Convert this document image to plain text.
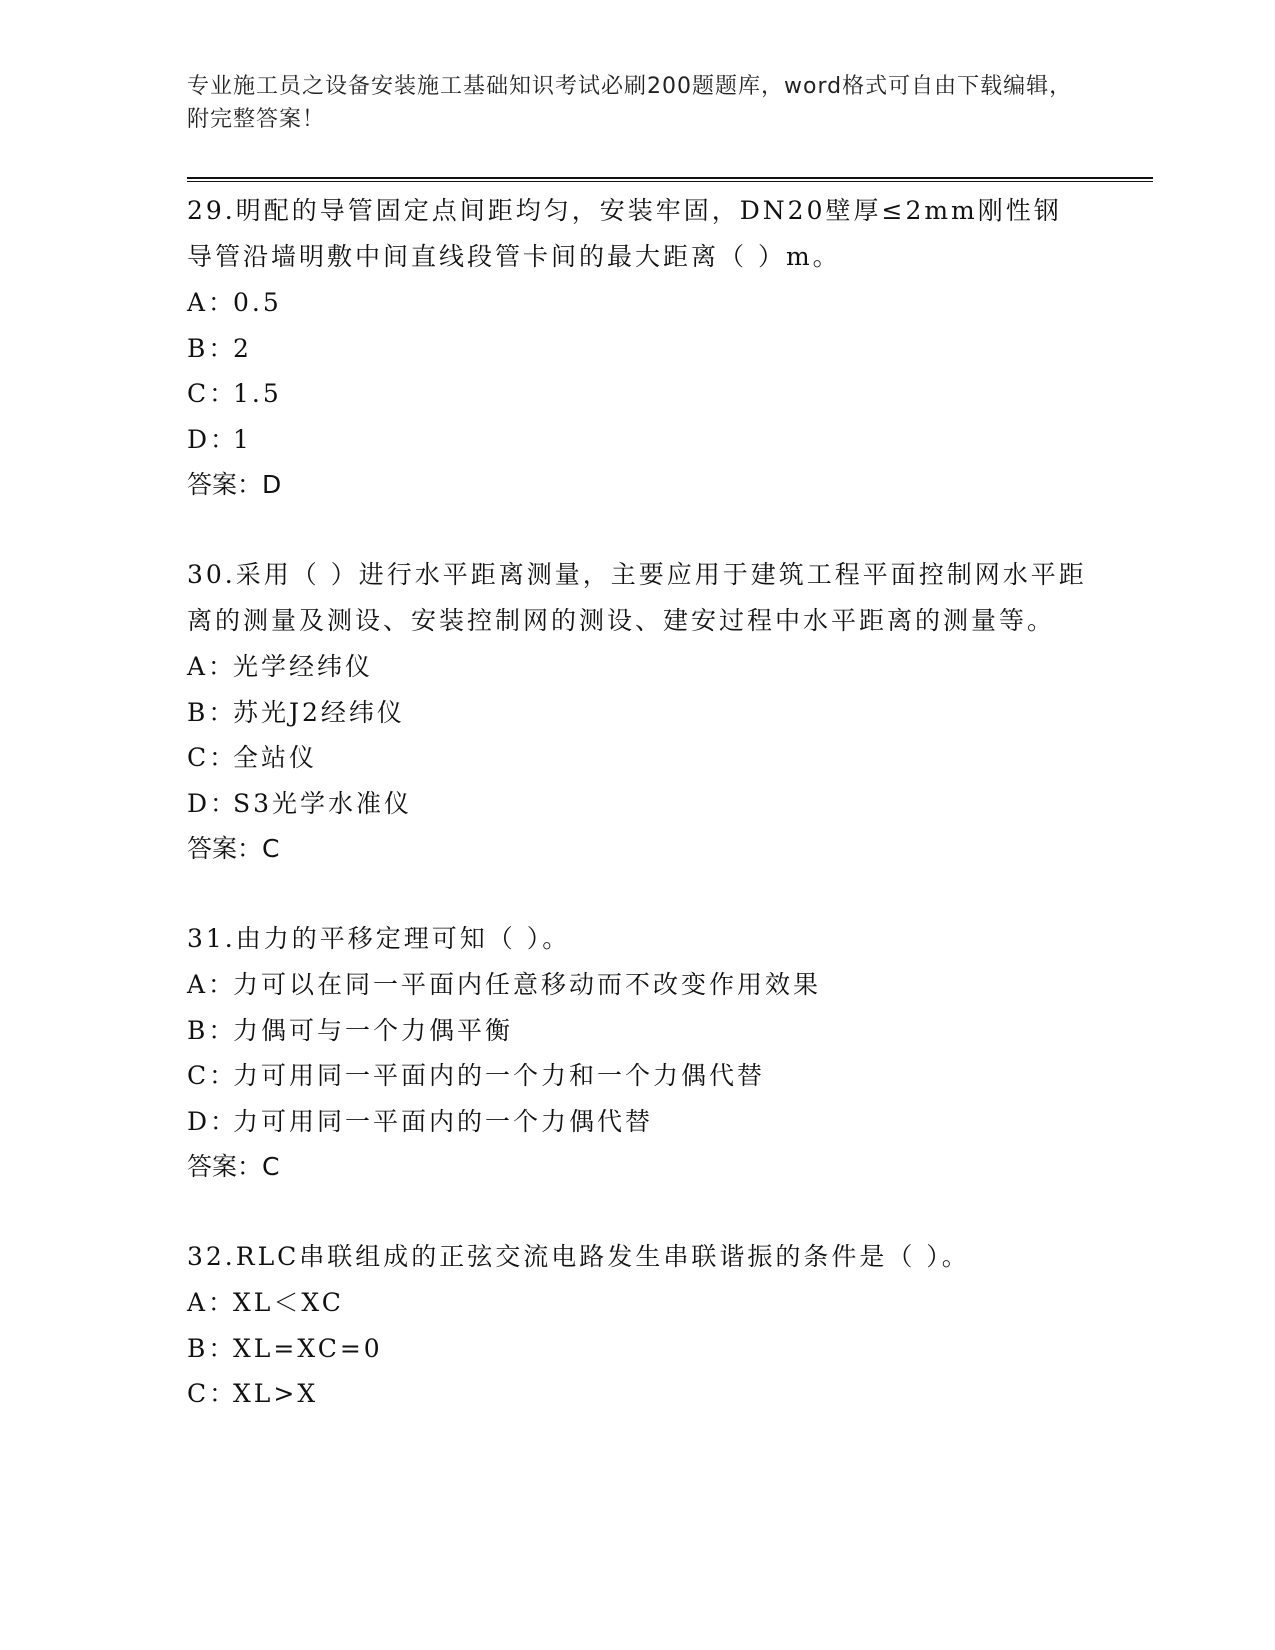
专业施工员之设备安装施工基础知识考试必刷200题题库，word格式可自由下载编辑，附完整答案！
29.明配的导管固定点间距均匀，安装牢固，DN20壁厚≤2mm刚性钢导管沿墙明敷中间直线段管卡间的最大距离（ ）m。
A：0.5
B：2
C：1.5
D：1
答案：D
30.采用（ ）进行水平距离测量，主要应用于建筑工程平面控制网水平距离的测量及测设、安装控制网的测设、建安过程中水平距离的测量等。
A：光学经纬仪
B：苏光J2经纬仪
C：全站仪
D：S3光学水准仪
答案：C
31.由力的平移定理可知（ ）。
A：力可以在同一平面内任意移动而不改变作用效果
B：力偶可与一个力偶平衡
C：力可用同一平面内的一个力和一个力偶代替
D：力可用同一平面内的一个力偶代替
答案：C
32.RLC串联组成的正弦交流电路发生串联谐振的条件是（ ）。
A：XL＜XC
B：XL=XC=0
C：XL>X
